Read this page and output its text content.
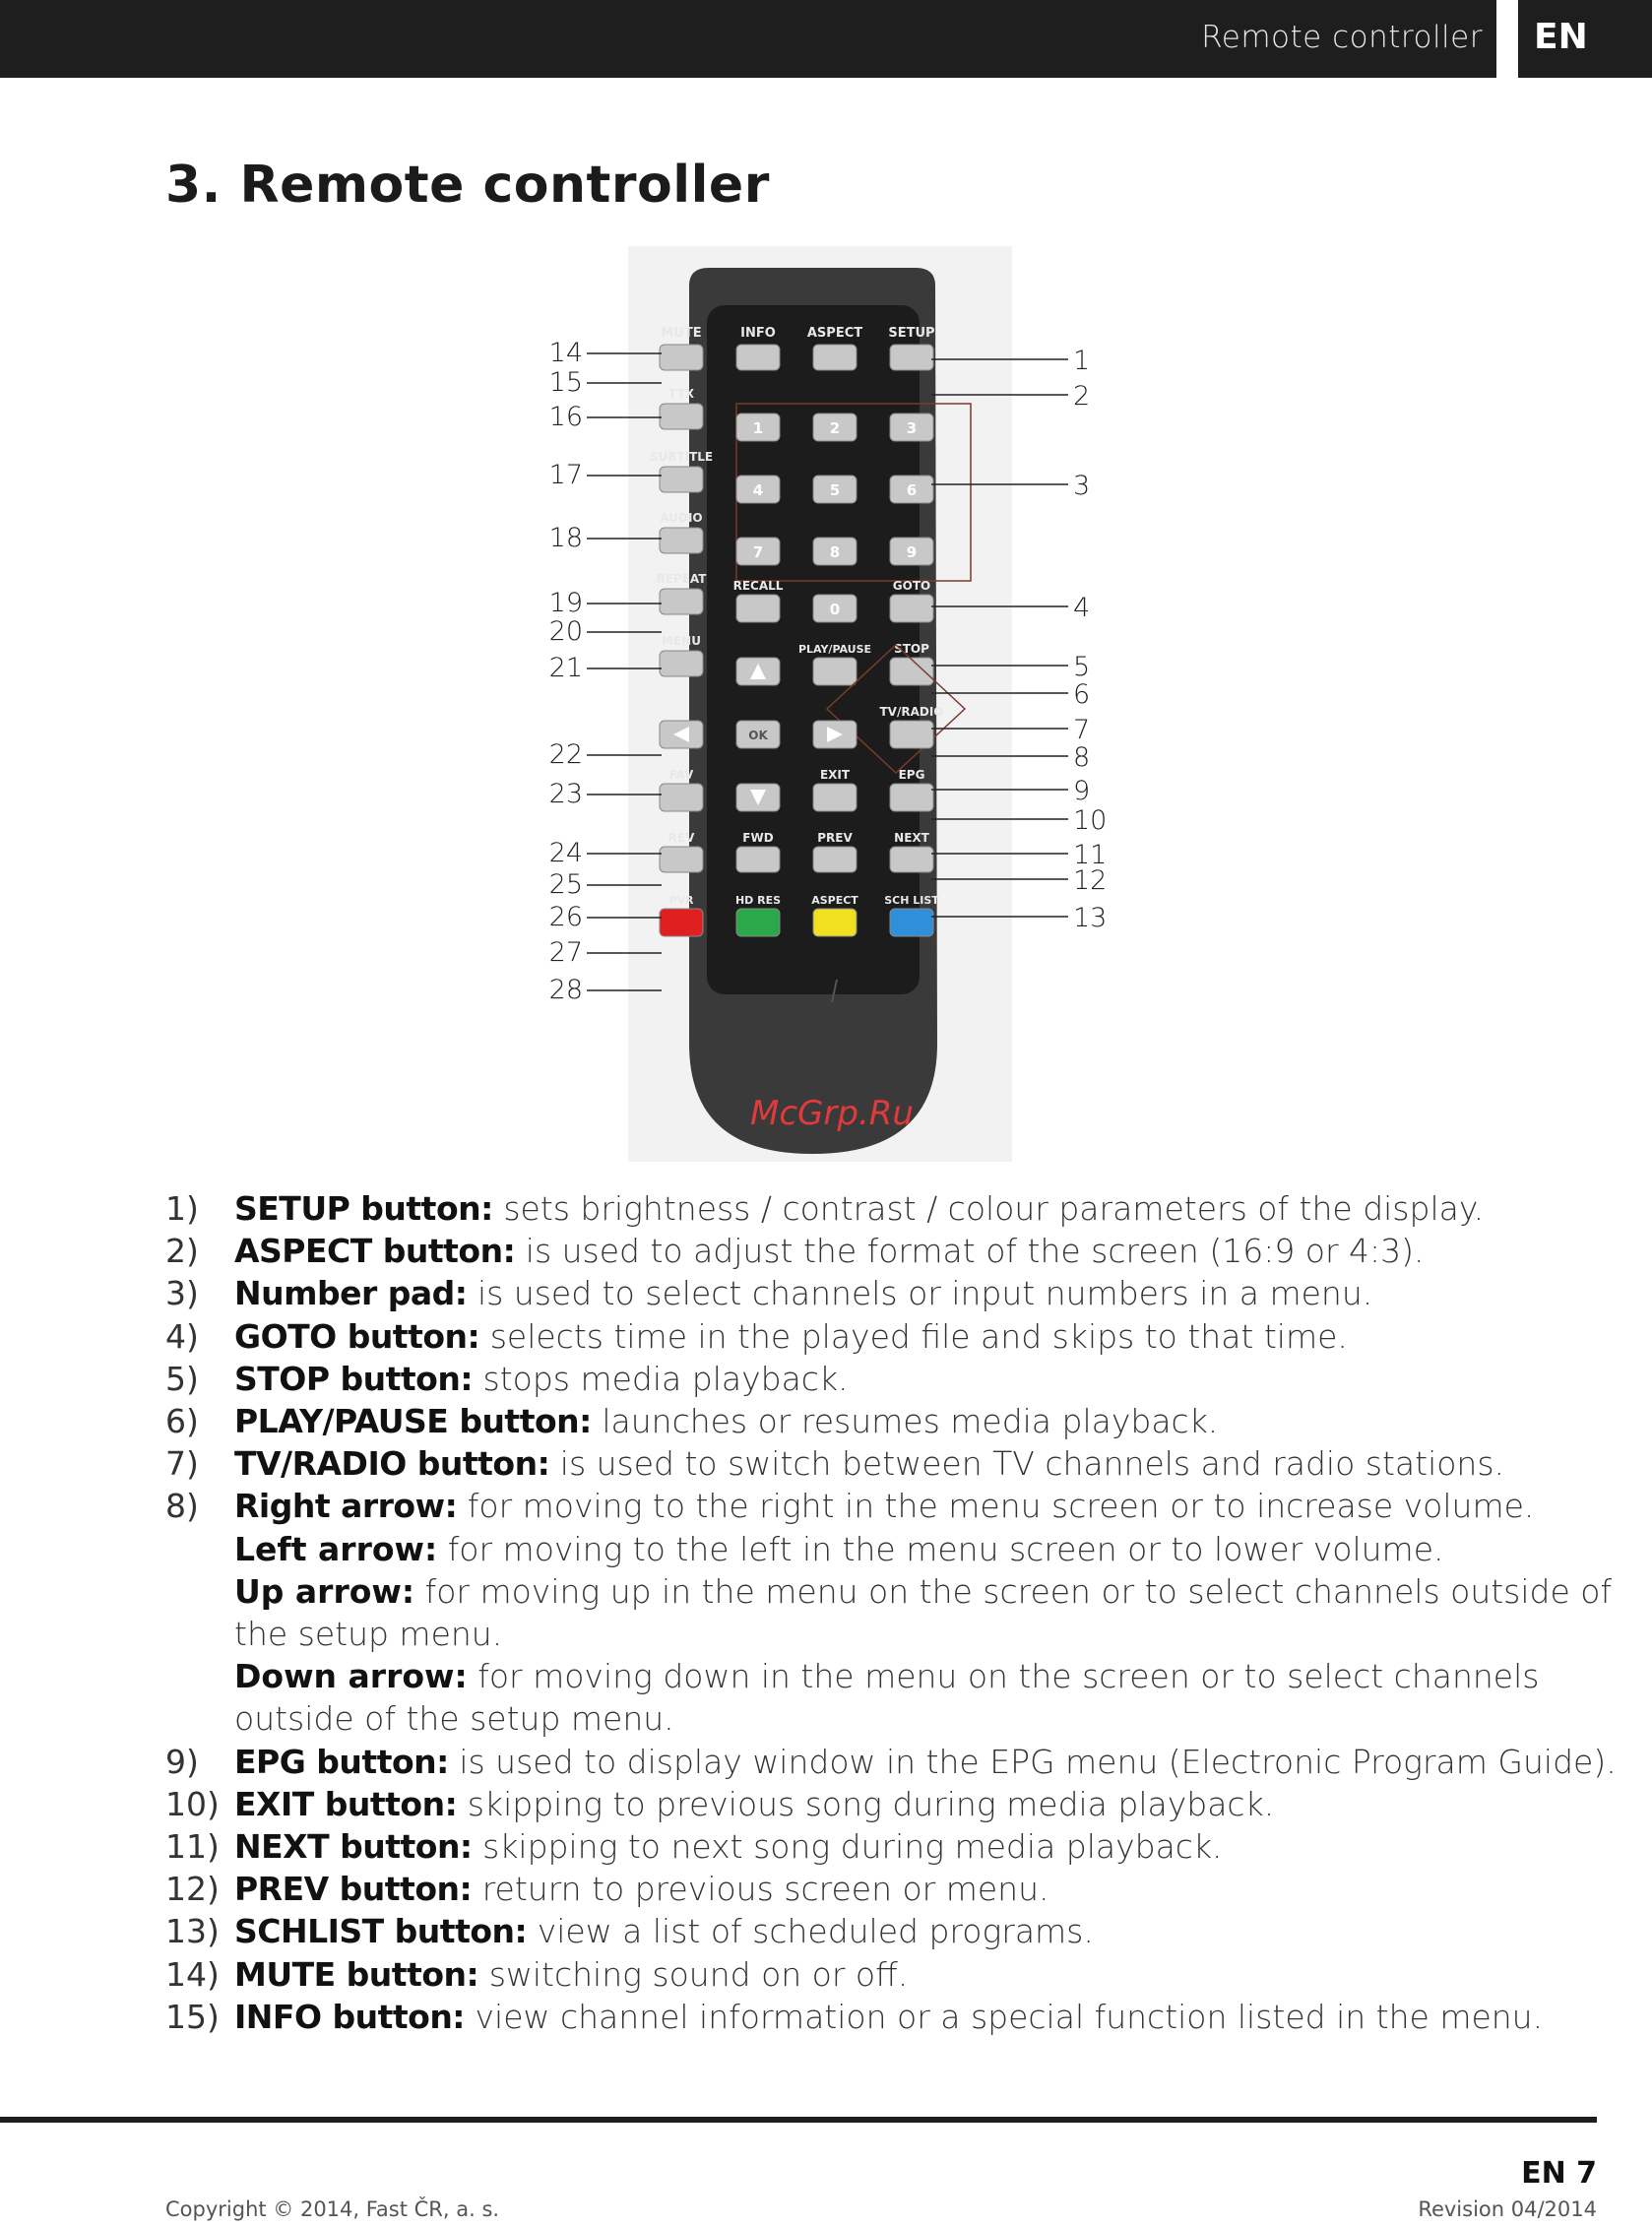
Remote controller EN
3. Remote controller
McGrp.Ru
MUTE	INFO ASPECT SETUP
TTX
SUBTITLE
AUDIO
REPEAT
MENU
1	2	3
4	5	6
7	8	9
RECALL
0
GOTO
PLAY/PAUSE STOP
OK
TV/RADIO
FAV	EXIT	EPG
REV	FWD	PREV	NEXT
PVR	HD RES	ASPECT SCH LIST
14
15
16
17
18
19
20
21
22
23
24
25
26
27
28
1
2
3
4
5
6
7
8
9
10
11
12
13
1)	SETUP button: sets brightness / contrast / colour parameters of the display.
2)	ASPECT button: is used to adjust the format of the screen (16:9 or 4:3).
3)	Number pad: is used to select channels or input numbers in a menu.
4)	GOTO button: selects time in the played file and skips to that time.
5)	STOP button: stops media playback.
6)	PLAY/PAUSE button: launches or resumes media playback.
7)	TV/RADIO button: is used to switch between TV channels and radio stations.
8)	Right arrow: for moving to the right in the menu screen or to increase volume.
Left arrow: for moving to the left in the menu screen or to lower volume.
Up arrow: for moving up in the menu on the screen or to select channels outside of
the setup menu.
Down arrow: for moving down in the menu on the screen or to select channels
outside of the setup menu.
9)	EPG button: is used to display window in the EPG menu (Electronic Program Guide).
10) EXIT button: skipping to previous song during media playback.
11) NEXT button: skipping to next song during media playback.
12) PREV button: return to previous screen or menu.
13) SCHLIST button: view a list of scheduled programs.
14) MUTE button: switching sound on or off.
15) INFO button: view channel information or a special function listed in the menu.
EN 7
Copyright © 2014, Fast ČR, a. s.	Revision 04/2014
